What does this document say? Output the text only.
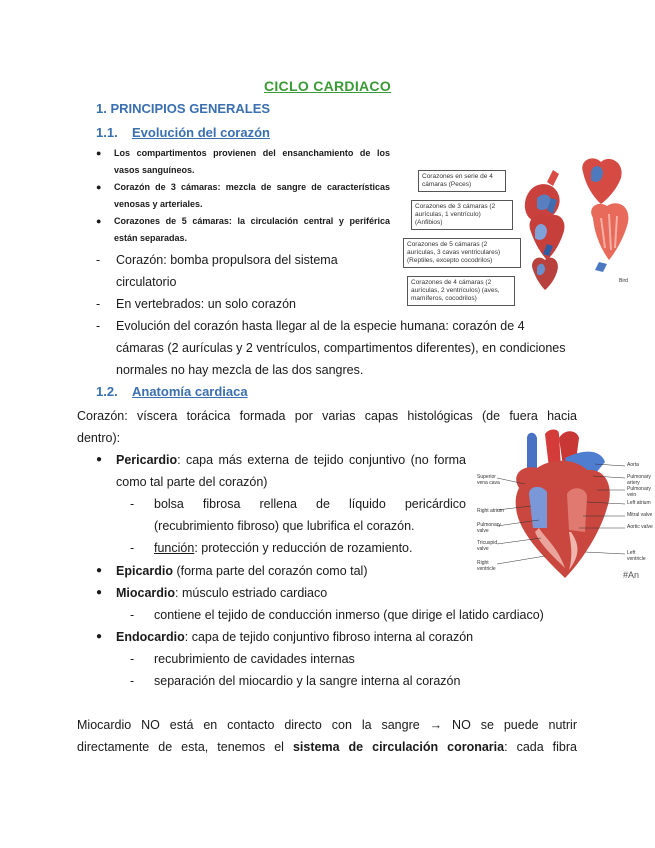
CICLO CARDIACO
1. PRINCIPIOS GENERALES
1.1. Evolución del corazón
●	Los compartimentos provienen del ensanchamiento de los vasos sanguíneos.
●	Corazón de 3 cámaras: mezcla de sangre de características venosas y arteriales.
●	Corazones de 5 cámaras: la circulación central y periférica están separadas.
-	Corazón: bomba propulsora del sistema
circulatorio
-	En vertebrados: un solo corazón
-	Evolución del corazón hasta llegar al de la especie humana: corazón de 4
cámaras (2 aurículas y 2 ventrículos, compartimentos diferentes), en condiciones
normales no hay mezcla de las dos sangres.
1.2. Anatomía cardiaca
Corazón: víscera torácica formada por varias capas histológicas (de fuera hacia
dentro):
●	Pericardio: capa más externa de tejido conjuntivo (no forma
como tal parte del corazón)
-	bolsa fibrosa rellena de líquido pericárdico
(recubrimiento fibroso) que lubrifica el corazón.
-	función: protección y reducción de rozamiento.
●	Epicardio (forma parte del corazón como tal)
●	Miocardio: músculo estriado cardiaco
-	contiene el tejido de conducción inmerso (que dirige el latido cardiaco)
●	Endocardio: capa de tejido conjuntivo fibroso interna al corazón
-	recubrimiento de cavidades internas
-	separación del miocardio y la sangre interna al corazón
Miocardio NO está en contacto directo con la sangre → NO se puede nutrir
directamente de esta, tenemos el sistema de circulación coronaria: cada fibra
Corazones en serie de 4 cámaras (Peces)
Corazones de 3 cámaras (2 aurículas, 1 ventrículo) (Anfibios)
Corazones de 5 cámaras (2 aurículas, 3 cavas ventriculares) (Reptiles, excepto cocodrilos)
Corazones de 4 cámaras (2 aurículas, 2 ventrículos) (aves, mamíferos, cocodrilos)
Bird
Superior vena cava
Right atrium
Pulmonary valve
Tricuspid valve
Right ventricle
Aorta
Pulmonary artery
Pulmonary vein
Left atrium
Mitral valve
Aortic valve
Left ventricle
#An
